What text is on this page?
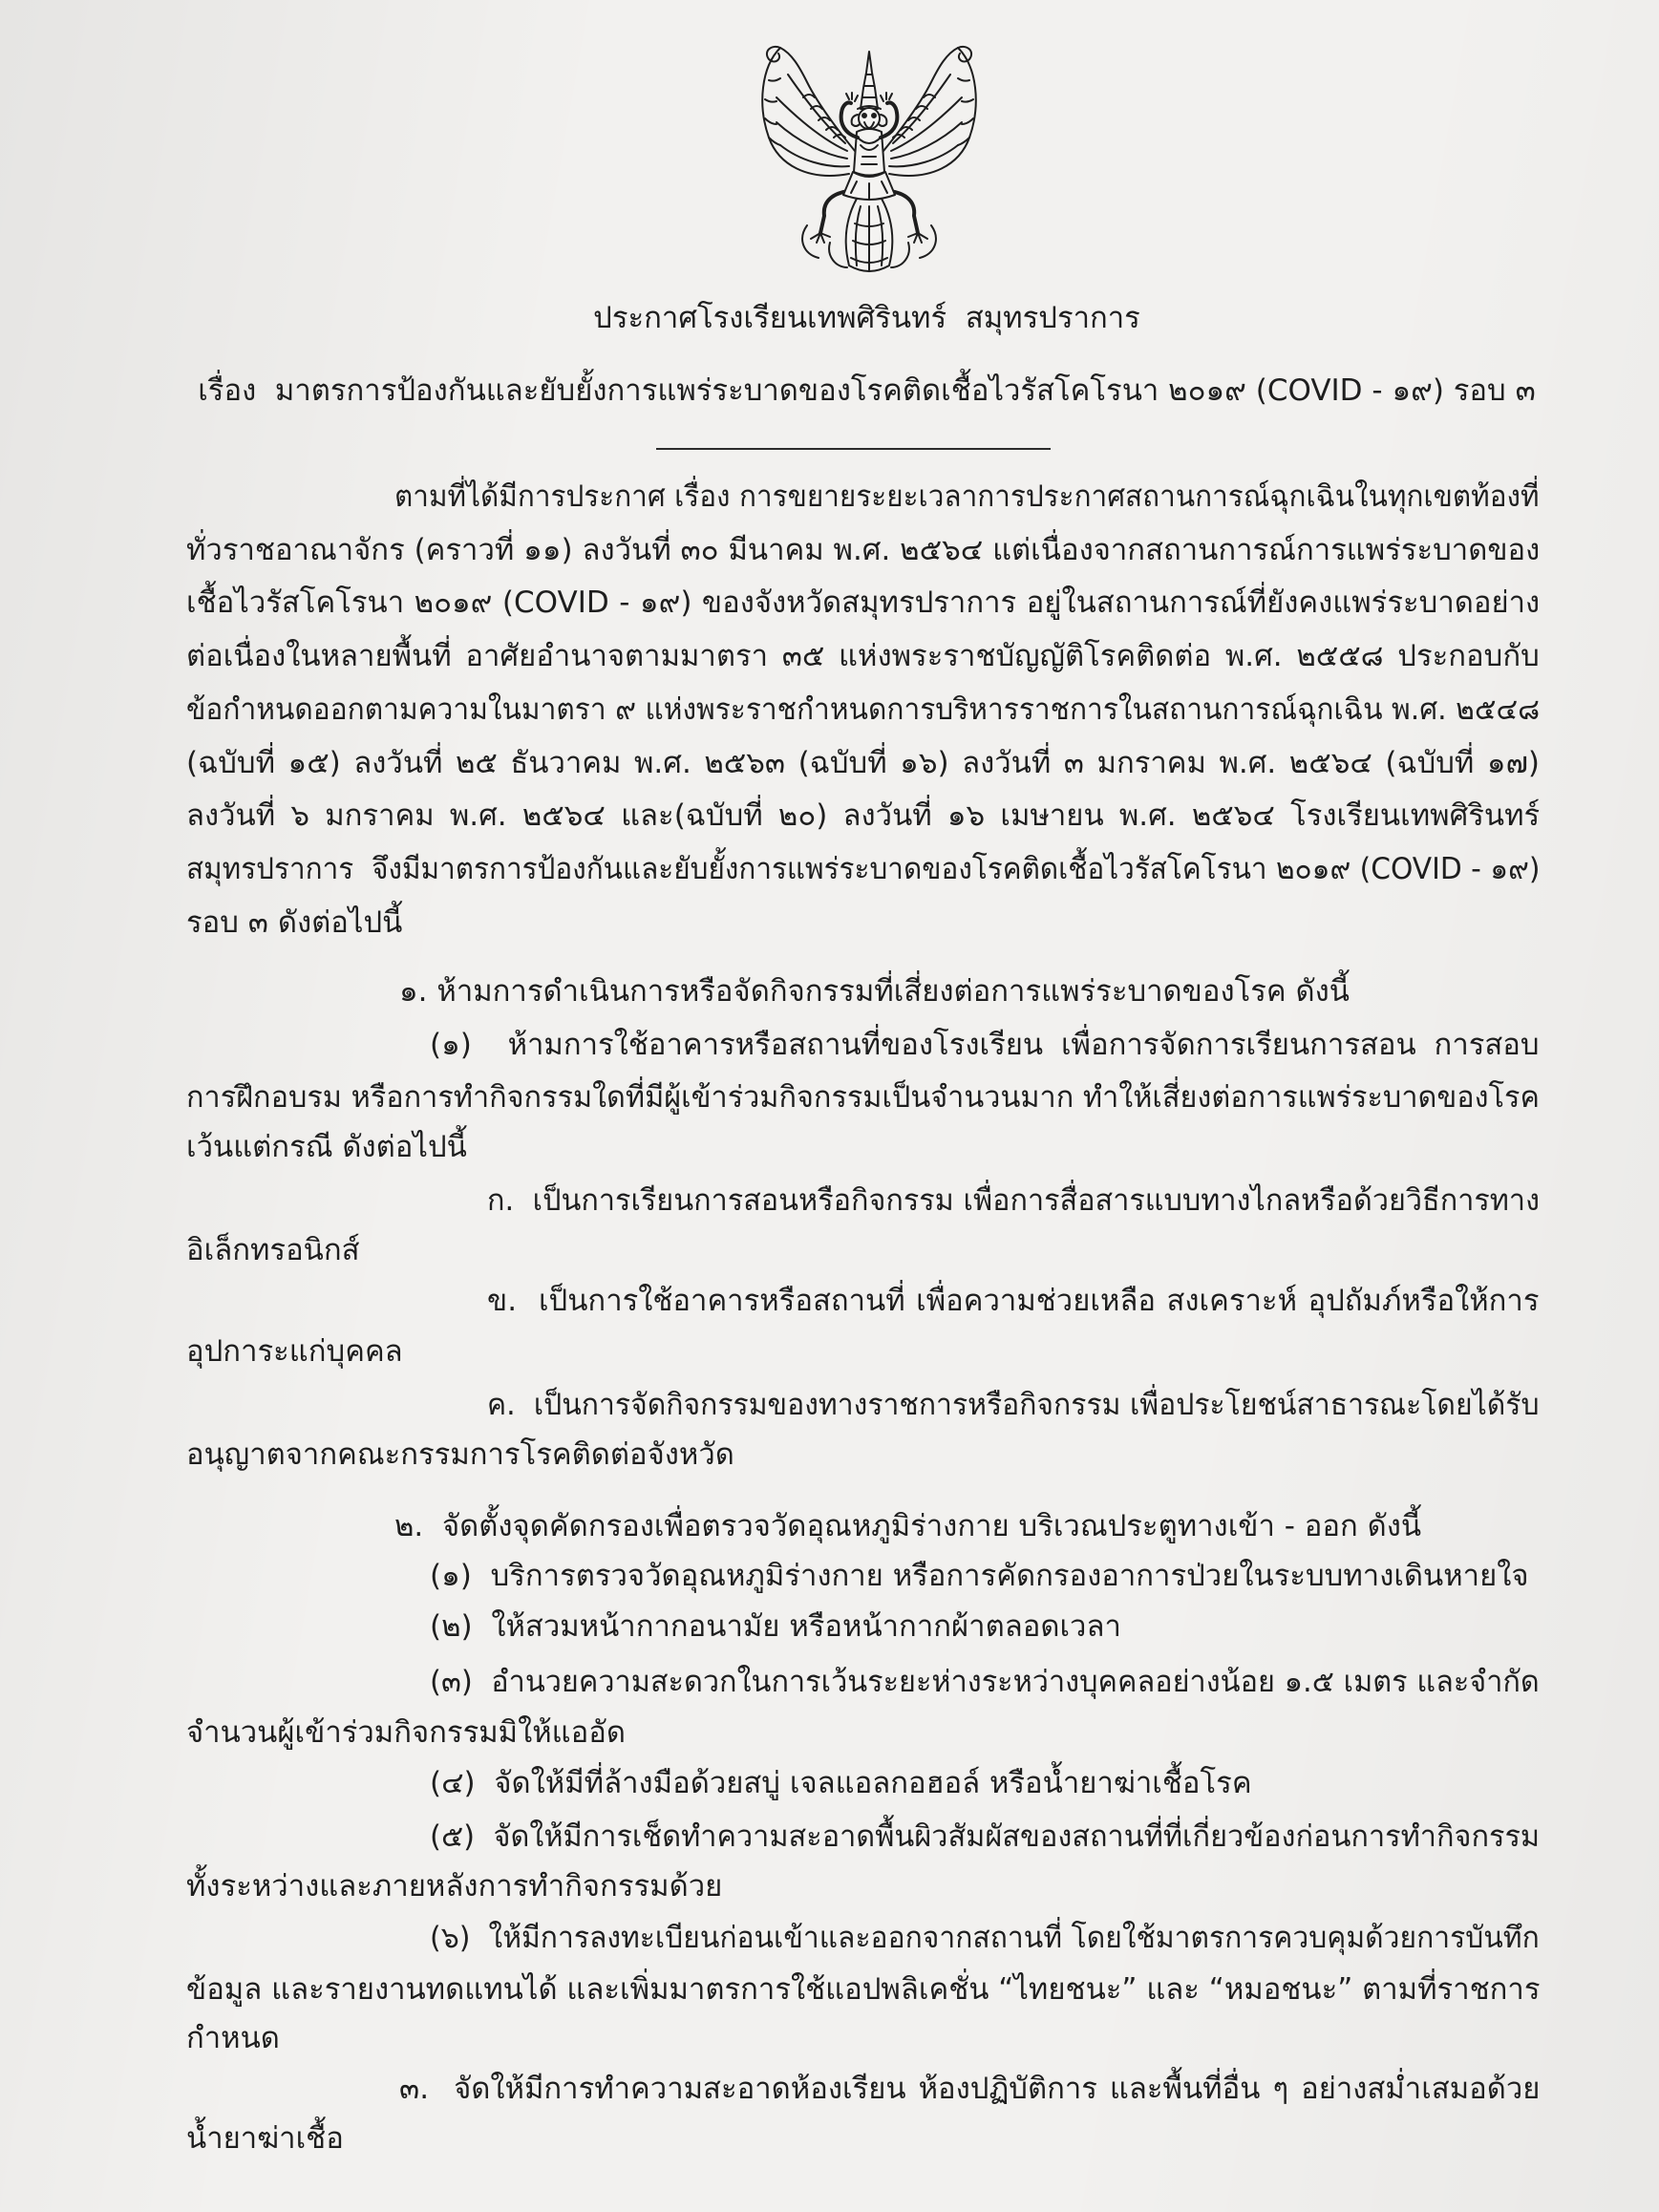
ประกาศโรงเรียนเทพศิรินทร์  สมุทรปราการ
เรื่อง  มาตรการป้องกันและยับยั้งการแพร่ระบาดของโรคติดเชื้อไวรัสโคโรนา ๒๐๑๙ (COVID - ๑๙) รอบ ๓
ตามที่ได้มีการประกาศ เรื่อง การขยายระยะเวลาการประกาศสถานการณ์ฉุกเฉินในทุกเขตท้องที่
ทั่วราชอาณาจักร (คราวที่ ๑๑) ลงวันที่ ๓๐ มีนาคม พ.ศ. ๒๕๖๔ แต่เนื่องจากสถานการณ์การแพร่ระบาดของ
เชื้อไวรัสโคโรนา ๒๐๑๙ (COVID - ๑๙) ของจังหวัดสมุทรปราการ อยู่ในสถานการณ์ที่ยังคงแพร่ระบาดอย่าง
ต่อเนื่องในหลายพื้นที่ อาศัยอำนาจตามมาตรา ๓๕ แห่งพระราชบัญญัติโรคติดต่อ พ.ศ. ๒๕๕๘ ประกอบกับ
ข้อกำหนดออกตามความในมาตรา ๙ แห่งพระราชกำหนดการบริหารราชการในสถานการณ์ฉุกเฉิน พ.ศ. ๒๕๔๘
(ฉบับที่ ๑๕) ลงวันที่ ๒๕ ธันวาคม พ.ศ. ๒๕๖๓ (ฉบับที่ ๑๖) ลงวันที่ ๓ มกราคม พ.ศ. ๒๕๖๔ (ฉบับที่ ๑๗)
ลงวันที่ ๖ มกราคม พ.ศ. ๒๕๖๔ และ(ฉบับที่ ๒๐) ลงวันที่ ๑๖ เมษายน พ.ศ. ๒๕๖๔ โรงเรียนเทพศิรินทร์
สมุทรปราการ  จึงมีมาตรการป้องกันและยับยั้งการแพร่ระบาดของโรคติดเชื้อไวรัสโคโรนา ๒๐๑๙ (COVID - ๑๙)
รอบ ๓ ดังต่อไปนี้
๑. ห้ามการดำเนินการหรือจัดกิจกรรมที่เสี่ยงต่อการแพร่ระบาดของโรค ดังนี้
(๑)  ห้ามการใช้อาคารหรือสถานที่ของโรงเรียน เพื่อการจัดการเรียนการสอน การสอบ
การฝึกอบรม หรือการทำกิจกรรมใดที่มีผู้เข้าร่วมกิจกรรมเป็นจำนวนมาก ทำให้เสี่ยงต่อการแพร่ระบาดของโรค
เว้นแต่กรณี ดังต่อไปนี้
ก.  เป็นการเรียนการสอนหรือกิจกรรม เพื่อการสื่อสารแบบทางไกลหรือด้วยวิธีการทาง
อิเล็กทรอนิกส์
ข.  เป็นการใช้อาคารหรือสถานที่ เพื่อความช่วยเหลือ สงเคราะห์ อุปถัมภ์หรือให้การ
อุปการะแก่บุคคล
ค.  เป็นการจัดกิจกรรมของทางราชการหรือกิจกรรม เพื่อประโยชน์สาธารณะโดยได้รับ
อนุญาตจากคณะกรรมการโรคติดต่อจังหวัด
๒.  จัดตั้งจุดคัดกรองเพื่อตรวจวัดอุณหภูมิร่างกาย บริเวณประตูทางเข้า - ออก ดังนี้
(๑)  บริการตรวจวัดอุณหภูมิร่างกาย หรือการคัดกรองอาการป่วยในระบบทางเดินหายใจ
(๒)  ให้สวมหน้ากากอนามัย หรือหน้ากากผ้าตลอดเวลา
(๓)  อำนวยความสะดวกในการเว้นระยะห่างระหว่างบุคคลอย่างน้อย ๑.๕ เมตร และจำกัด
จำนวนผู้เข้าร่วมกิจกรรมมิให้แออัด
(๔)  จัดให้มีที่ล้างมือด้วยสบู่ เจลแอลกอฮอล์ หรือน้ำยาฆ่าเชื้อโรค
(๕)  จัดให้มีการเช็ดทำความสะอาดพื้นผิวสัมผัสของสถานที่ที่เกี่ยวข้องก่อนการทำกิจกรรม
ทั้งระหว่างและภายหลังการทำกิจกรรมด้วย
(๖)  ให้มีการลงทะเบียนก่อนเข้าและออกจากสถานที่ โดยใช้มาตรการควบคุมด้วยการบันทึก
ข้อมูล และรายงานทดแทนได้ และเพิ่มมาตรการใช้แอปพลิเคชั่น “ไทยชนะ” และ “หมอชนะ” ตามที่ราชการ
กำหนด
๓.  จัดให้มีการทำความสะอาดห้องเรียน ห้องปฏิบัติการ และพื้นที่อื่น ๆ อย่างสม่ำเสมอด้วย
น้ำยาฆ่าเชื้อ
